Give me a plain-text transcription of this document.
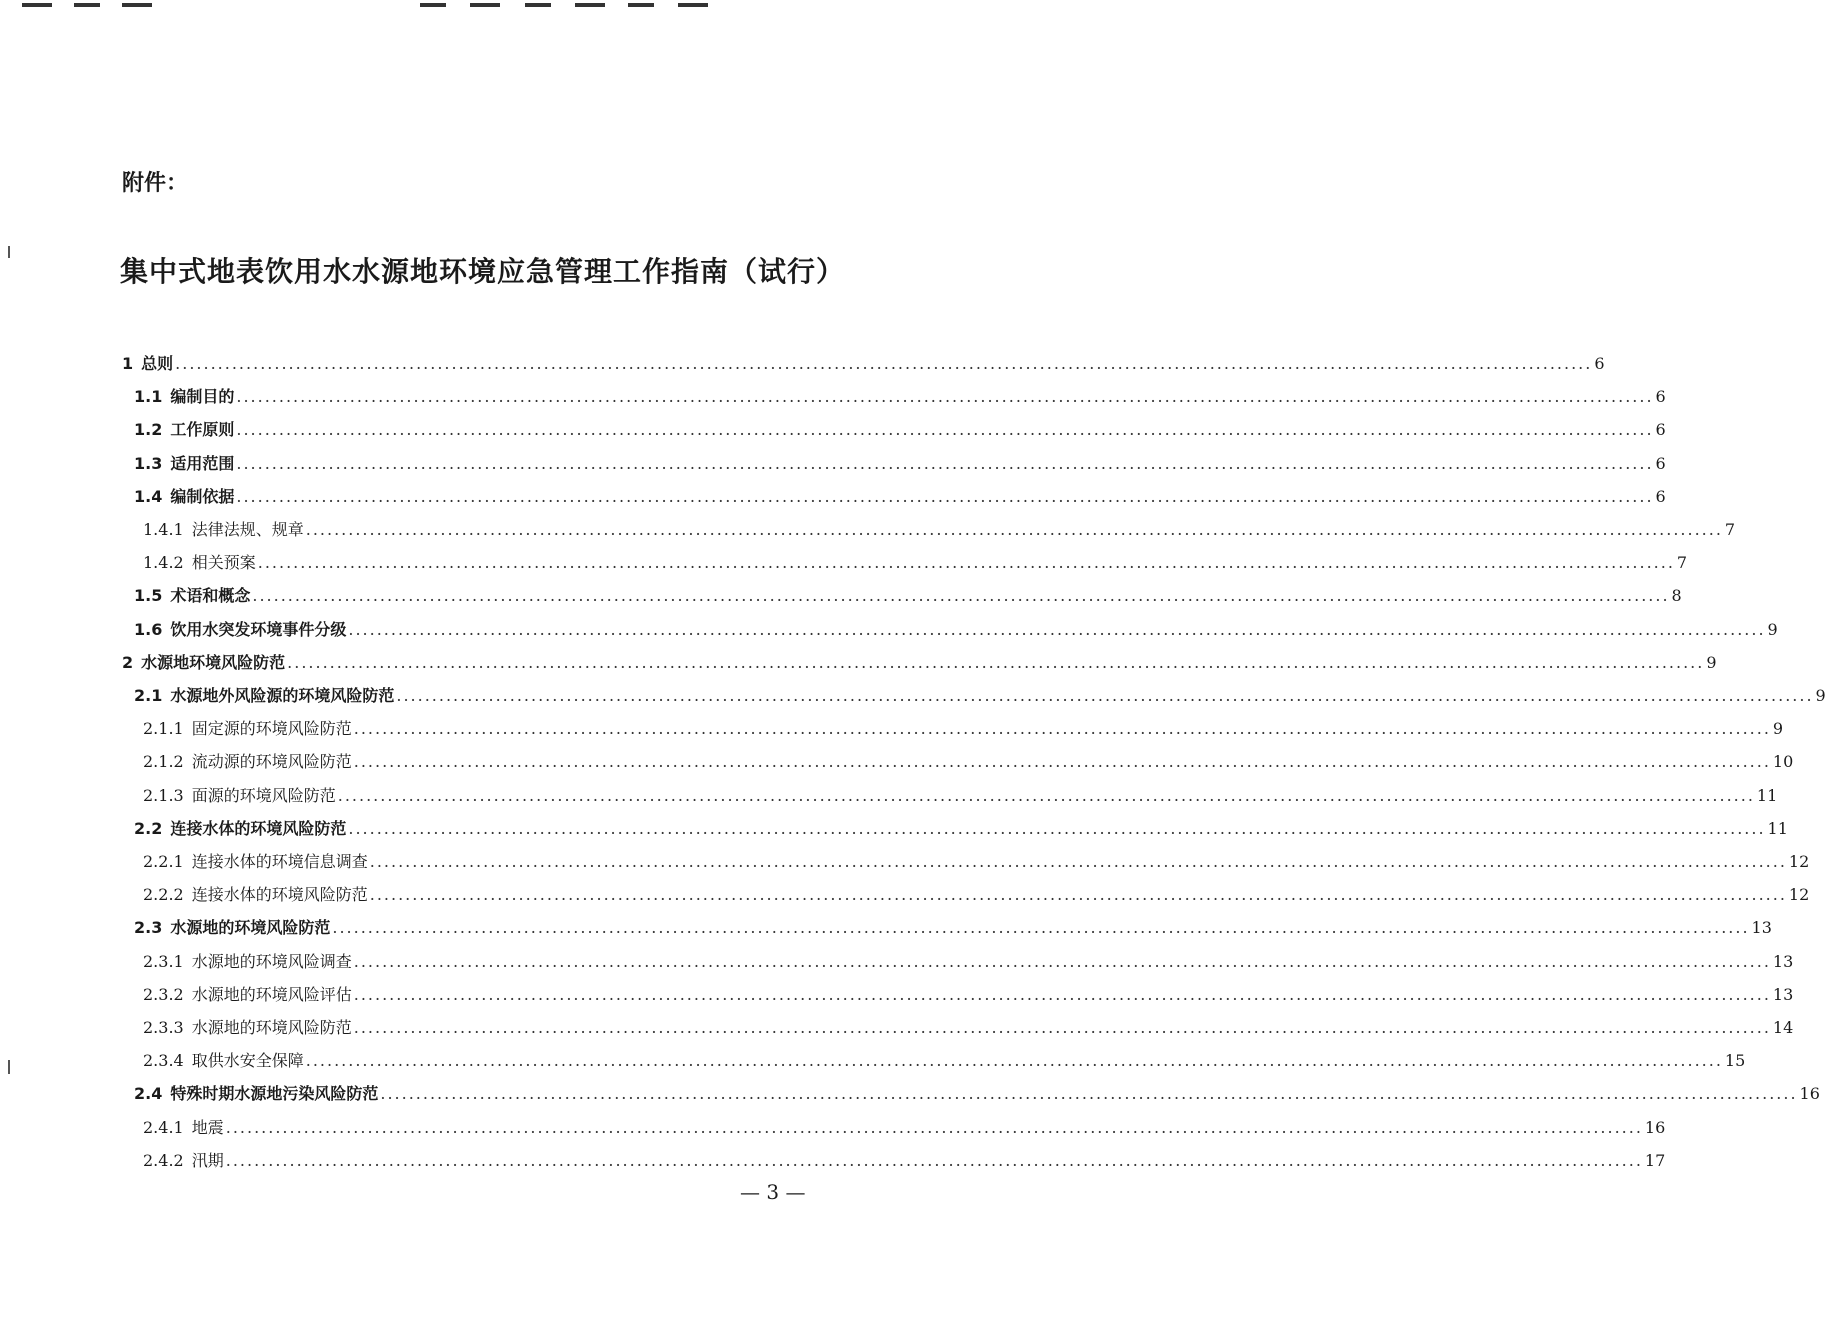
附件：
集中式地表饮用水水源地环境应急管理工作指南（试行）
1 总则 ........................................................................................................................................................................................................ 6
1.1 编制目的 ........................................................................................................................................................................................................ 6
1.2 工作原则 ........................................................................................................................................................................................................ 6
1.3 适用范围 ........................................................................................................................................................................................................ 6
1.4 编制依据 ........................................................................................................................................................................................................ 6
1.4.1 法律法规、规章 ........................................................................................................................................................................................................ 7
1.4.2 相关预案 ........................................................................................................................................................................................................ 7
1.5 术语和概念 ........................................................................................................................................................................................................ 8
1.6 饮用水突发环境事件分级 ........................................................................................................................................................................................................ 9
2 水源地环境风险防范 ........................................................................................................................................................................................................ 9
2.1 水源地外风险源的环境风险防范 ........................................................................................................................................................................................................ 9
2.1.1 固定源的环境风险防范 ........................................................................................................................................................................................................ 9
2.1.2 流动源的环境风险防范 ........................................................................................................................................................................................................ 10
2.1.3 面源的环境风险防范 ........................................................................................................................................................................................................ 11
2.2 连接水体的环境风险防范 ........................................................................................................................................................................................................ 11
2.2.1 连接水体的环境信息调查 ........................................................................................................................................................................................................ 12
2.2.2 连接水体的环境风险防范 ........................................................................................................................................................................................................ 12
2.3 水源地的环境风险防范 ........................................................................................................................................................................................................ 13
2.3.1 水源地的环境风险调查 ........................................................................................................................................................................................................ 13
2.3.2 水源地的环境风险评估 ........................................................................................................................................................................................................ 13
2.3.3 水源地的环境风险防范 ........................................................................................................................................................................................................ 14
2.3.4 取供水安全保障 ........................................................................................................................................................................................................ 15
2.4 特殊时期水源地污染风险防范 ........................................................................................................................................................................................................ 16
2.4.1 地震 ........................................................................................................................................................................................................ 16
2.4.2 汛期 ........................................................................................................................................................................................................ 17
— 3 —
